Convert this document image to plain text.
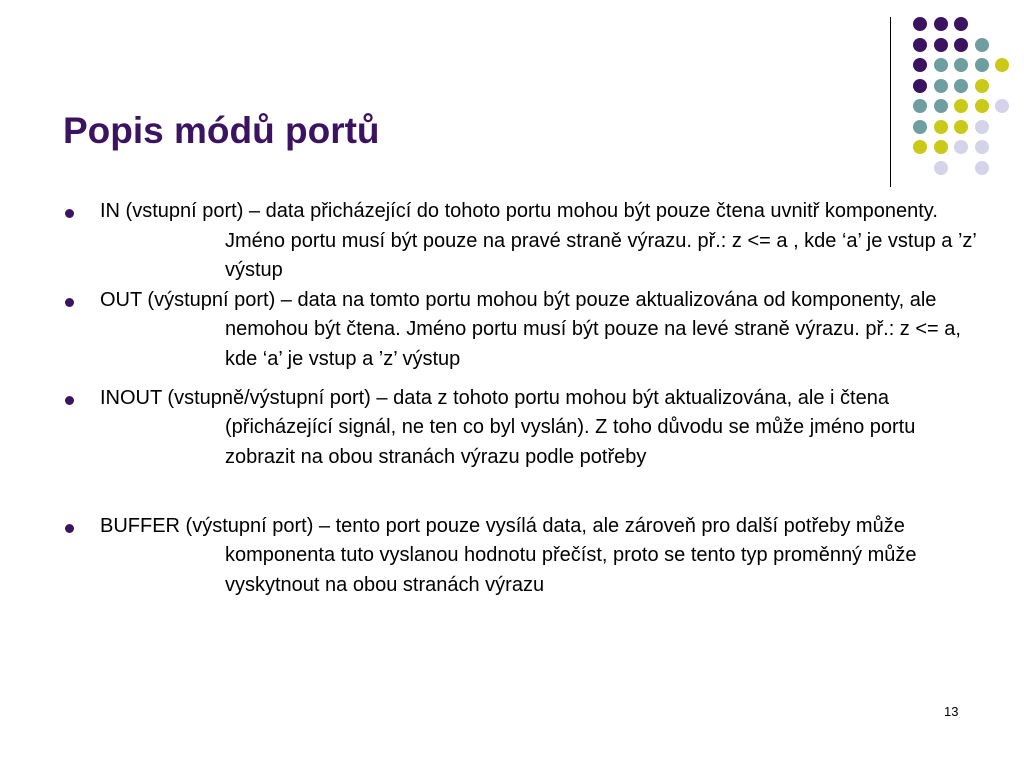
Popis módů portů
IN (vstupní port) – data přicházející do tohoto portu mohou být pouze čtena uvnitř komponenty. Jméno portu musí být pouze na pravé straně výrazu. př.: z <= a , kde ‘a’ je vstup a ’z’ výstup
OUT (výstupní port) – data na tomto portu mohou být pouze aktualizována od komponenty, ale nemohou být čtena. Jméno portu musí být pouze na levé straně výrazu. př.: z <= a, kde ‘a’ je vstup a ’z’ výstup
INOUT (vstupně/výstupní port) – data z tohoto portu mohou být aktualizována, ale i čtena (přicházející signál, ne ten co byl vyslán). Z toho důvodu se může jméno portu zobrazit na obou stranách výrazu podle potřeby
BUFFER (výstupní port) – tento port pouze vysílá data, ale zároveň pro další potřeby může komponenta tuto vyslanou hodnotu přečíst, proto se tento typ proměnný může vyskytnout na obou stranách výrazu
13
